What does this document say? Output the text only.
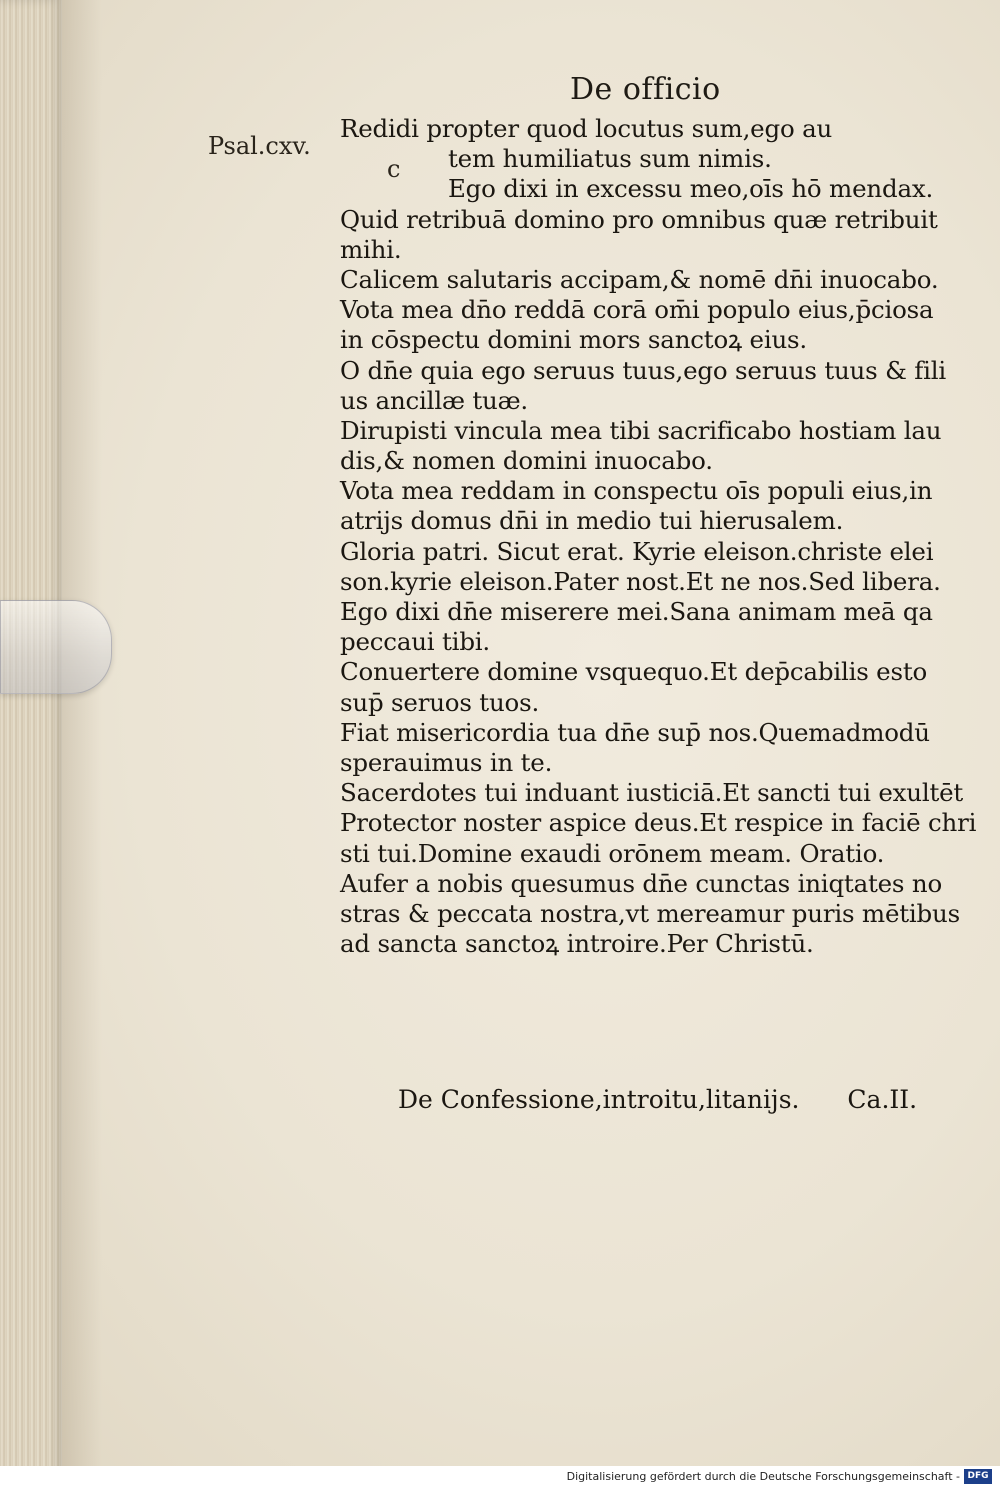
De officio
Psal.cxv.
c
Redidi propter quod locutus sum,ego au
tem humiliatus sum nimis.
Ego dixi in excessu meo,oīs hō mendax.
Quid retribuā domino pro omnibus quæ retribuit
mihi.
Calicem salutaris accipam,& nomē dn̄i inuocabo.
Vota mea dn̄o reddā corā om̄i populo eius,p̄ciosa
in cōspectu domini mors sanctoꝝ eius.
O dn̄e quia ego seruus tuus,ego seruus tuus & fili
us ancillæ tuæ.
Dirupisti vincula mea tibi sacrificabo hostiam lau
dis,& nomen domini inuocabo.
Vota mea reddam in conspectu oīs populi eius,in
atrijs domus dn̄i in medio tui hierusalem.
Gloria patri. Sicut erat. Kyrie eleison.christe elei
son.kyrie eleison.Pater nost.Et ne nos.Sed libera.
Ego dixi dn̄e miserere mei.Sana animam meā qa
peccaui tibi.
Conuertere domine vsquequo.Et dep̄cabilis esto
sup̄ seruos tuos.
Fiat misericordia tua dn̄e sup̄ nos.Quemadmodū
sperauimus in te.
Sacerdotes tui induant iusticiā.Et sancti tui exultēt
Protector noster aspice deus.Et respice in faciē chri
sti tui.Domine exaudi orōnem meam. Oratio.
Aufer a nobis quesumus dn̄e cunctas iniqtates no
stras & peccata nostra,vt mereamur puris mētibus
ad sancta sanctoꝝ introire.Per Christū.
De Confessione,introitu,litanijs. Ca.II.
Digitalisierung gefördert durch die Deutsche Forschungsgemeinschaft - DFG
